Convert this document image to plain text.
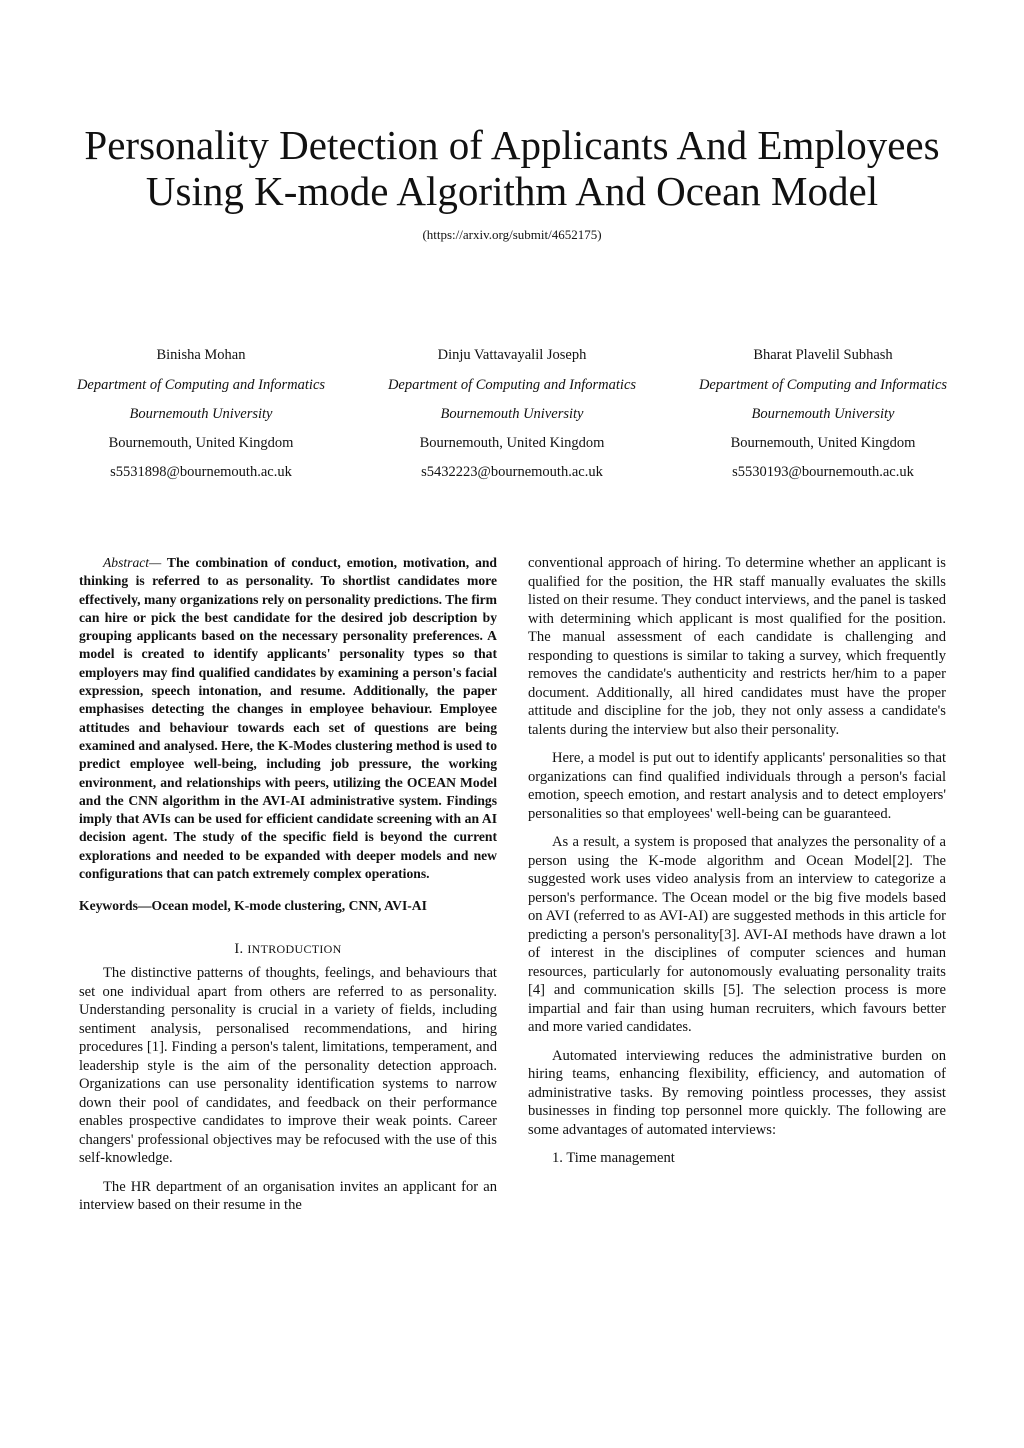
Personality Detection of Applicants And Employees
Using K-mode Algorithm And Ocean Model
(https://arxiv.org/submit/4652175)

Binisha Mohan

Department of Computing and Informatics

Bournemouth University

Bournemouth, United Kingdom

s5531898@bournemouth.ac.uk

Dinju Vattavayalil Joseph

Department of Computing and Informatics

Bournemouth University

Bournemouth, United Kingdom

s5432223@bournemouth.ac.uk

Bharat Plavelil Subhash

Department of Computing and Informatics

Bournemouth University

Bournemouth, United Kingdom

s5530193@bournemouth.ac.uk

Abstract— The combination of conduct, emotion, motivation, and thinking is referred to as personality. To shortlist candidates more effectively, many organizations rely on personality predictions. The firm can hire or pick the best candidate for the desired job description by grouping applicants based on the necessary personality preferences. A model is created to identify applicants' personality types so that employers may find qualified candidates by examining a person's facial expression, speech intonation, and resume. Additionally, the paper emphasises detecting the changes in employee behaviour. Employee attitudes and behaviour towards each set of questions are being examined and analysed. Here, the K-Modes clustering method is used to predict employee well-being, including job pressure, the working environment, and relationships with peers, utilizing the OCEAN Model and the CNN algorithm in the AVI-AI administrative system. Findings imply that AVIs can be used for efficient candidate screening with an AI decision agent. The study of the specific field is beyond the current explorations and needed to be expanded with deeper models and new configurations that can patch extremely complex operations.

Keywords—Ocean model, K-mode clustering, CNN, AVI-AI

I. INTRODUCTION

The distinctive patterns of thoughts, feelings, and behaviours that set one individual apart from others are referred to as personality. Understanding personality is crucial in a variety of fields, including sentiment analysis, personalised recommendations, and hiring procedures [1]. Finding a person's talent, limitations, temperament, and leadership style is the aim of the personality detection approach. Organizations can use personality identification systems to narrow down their pool of candidates, and feedback on their performance enables prospective candidates to improve their weak points. Career changers' professional objectives may be refocused with the use of this self-knowledge.

The HR department of an organisation invites an applicant for an interview based on their resume in the

conventional approach of hiring. To determine whether an applicant is qualified for the position, the HR staff manually evaluates the skills listed on their resume. They conduct interviews, and the panel is tasked with determining which applicant is most qualified for the position. The manual assessment of each candidate is challenging and responding to questions is similar to taking a survey, which frequently removes the candidate's authenticity and restricts her/him to a paper document. Additionally, all hired candidates must have the proper attitude and discipline for the job, they not only assess a candidate's talents during the interview but also their personality.

Here, a model is put out to identify applicants' personalities so that organizations can find qualified individuals through a person's facial emotion, speech emotion, and restart analysis and to detect employers' personalities so that employees' well-being can be guaranteed.

As a result, a system is proposed that analyzes the personality of a person using the K-mode algorithm and Ocean Model[2]. The suggested work uses video analysis from an interview to categorize a person's performance. The Ocean model or the big five models based on AVI (referred to as AVI-AI) are suggested methods in this article for predicting a person's personality[3]. AVI-AI methods have drawn a lot of interest in the disciplines of computer sciences and human resources, particularly for autonomously evaluating personality traits [4] and communication skills [5]. The selection process is more impartial and fair than using human recruiters, which favours better and more varied candidates.

Automated interviewing reduces the administrative burden on hiring teams, enhancing flexibility, efficiency, and automation of administrative tasks. By removing pointless processes, they assist businesses in finding top personnel more quickly. The following are some advantages of automated interviews:

1. Time management
